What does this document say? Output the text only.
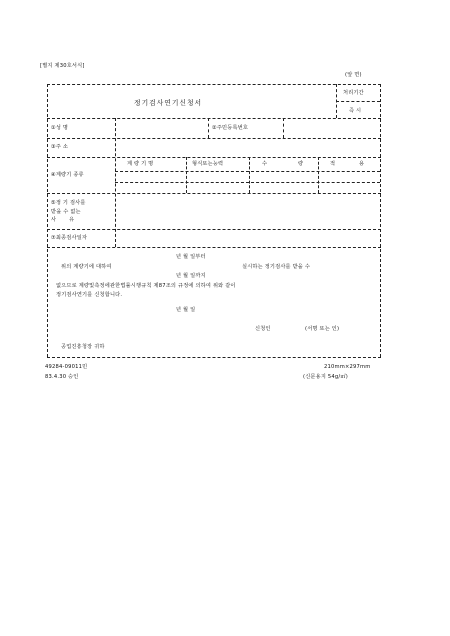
[별지 제30호서식]
(앞 면)
정기검사연기신청서
처리기간
즉 시
①성 명	②주민등록번호
③주 소
④계량기 종류
계 량 기 명	형식또는능력	수	량	적	용
⑤정 기 검사를
받을 수 없는
사       유
⑦최종검사일자
년 월 일부터
위의 계량기에 대하여	실시하는 정기검사를 받을 수
년 월 일까지
없으므로 계량및측정에관한법률시행규칙 제87조의 규정에 의하여 위와 같이
정기검사연기를 신청합니다.
년 월 일
신청인	(서명 또는 인)
공업진흥청장 귀하
49284-09011민
83.4.30 승인
210mm×297mm
(신문용지 54g/㎡)
